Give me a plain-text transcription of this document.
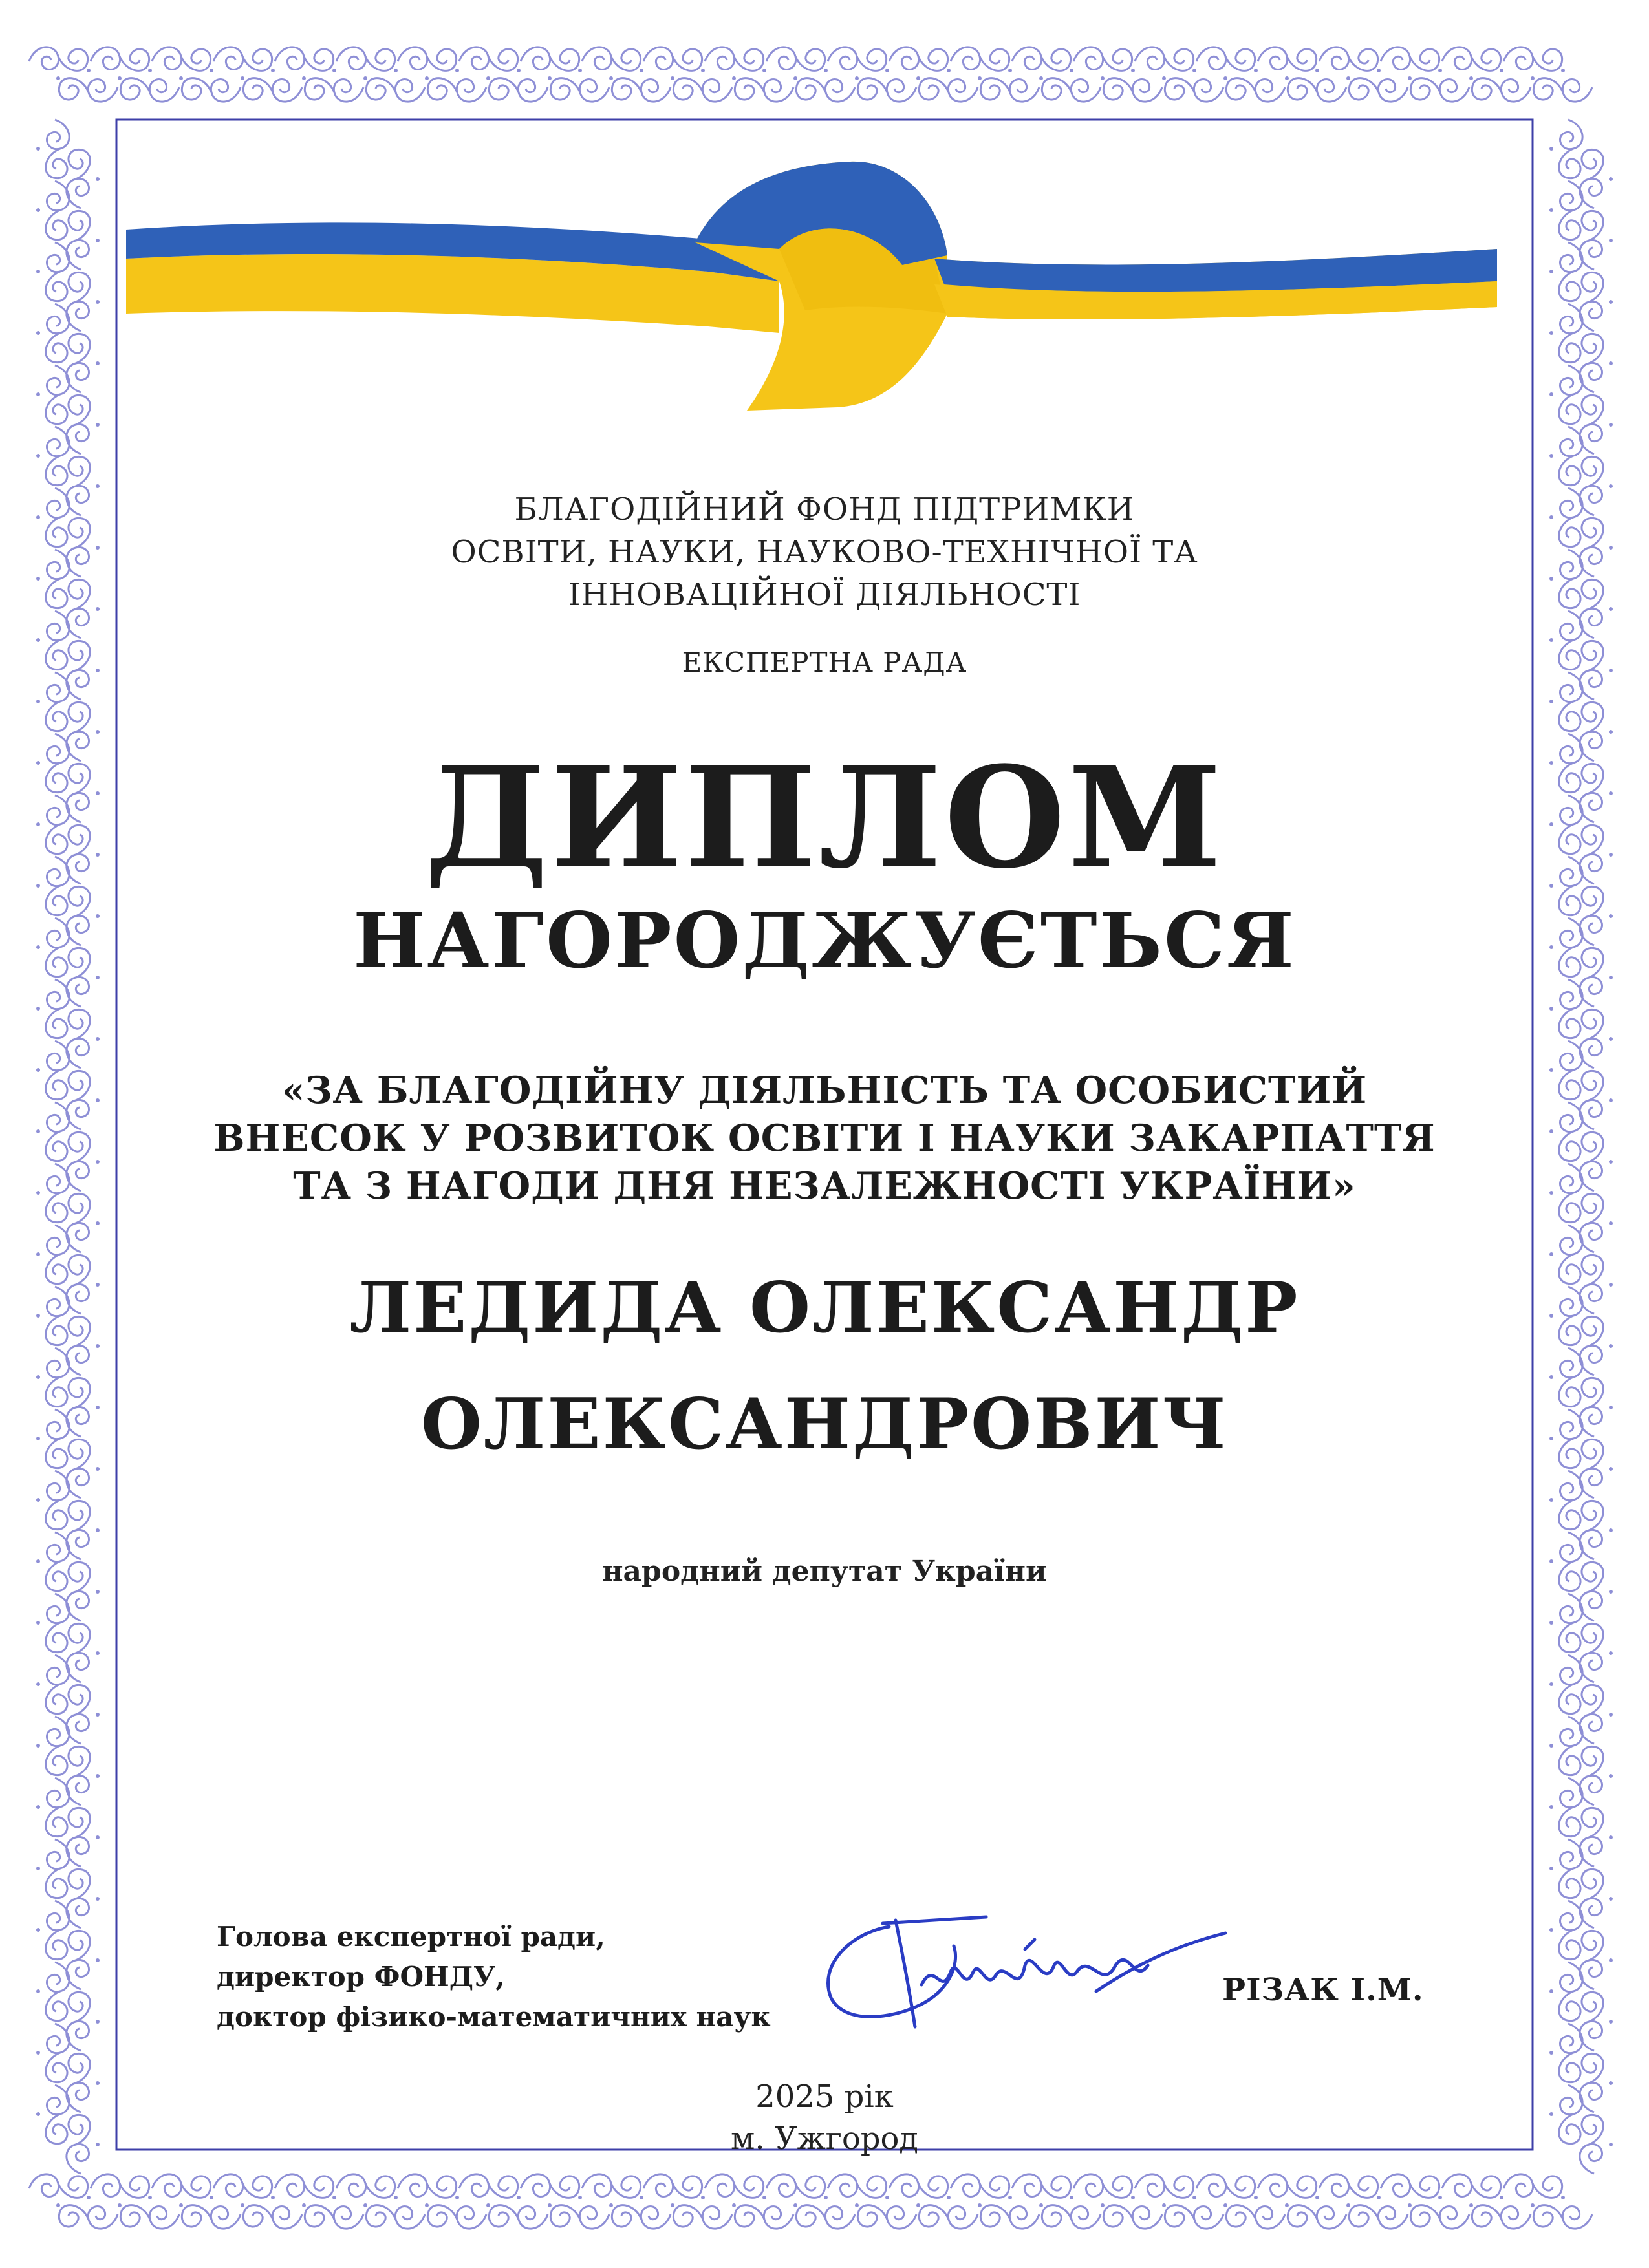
БЛАГОДІЙНИЙ ФОНД ПІДТРИМКИ
ОСВІТИ, НАУКИ, НАУКОВО-ТЕХНІЧНОЇ ТА
ІННОВАЦІЙНОЇ ДІЯЛЬНОСТІ
ЕКСПЕРТНА РАДА
ДИПЛОМ
НАГОРОДЖУЄТЬСЯ
«ЗА БЛАГОДІЙНУ ДІЯЛЬНІСТЬ ТА ОСОБИСТИЙ
ВНЕСОК У РОЗВИТОК ОСВІТИ І НАУКИ ЗАКАРПАТТЯ
ТА З НАГОДИ ДНЯ НЕЗАЛЕЖНОСТІ УКРАЇНИ»
ЛЕДИДА ОЛЕКСАНДР
ОЛЕКСАНДРОВИЧ
народний депутат України
Голова експертної ради,
директор ФОНДУ,
доктор фізико-математичних наук
РІЗАК І.М.
2025 рік
м. Ужгород
